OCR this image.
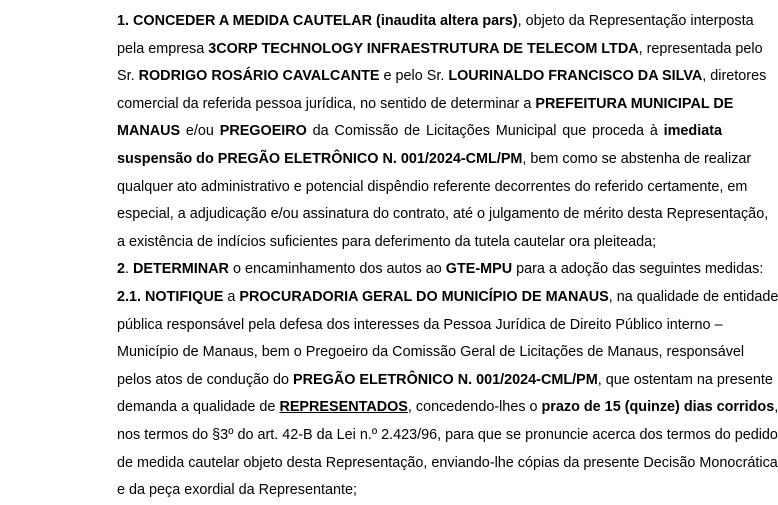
1. CONCEDER A MEDIDA CAUTELAR (inaudita altera pars), objeto da Representação interposta
pela empresa 3CORP TECHNOLOGY INFRAESTRUTURA DE TELECOM LTDA, representada pelo
Sr. RODRIGO ROSÁRIO CAVALCANTE e pelo Sr. LOURINALDO FRANCISCO DA SILVA, diretores
comercial da referida pessoa jurídica, no sentido de determinar a PREFEITURA MUNICIPAL DE
MANAUS e/ou PREGOEIRO da Comissão de Licitações Municipal que proceda à imediata
suspensão do PREGÃO ELETRÔNICO N. 001/2024-CML/PM, bem como se abstenha de realizar
qualquer ato administrativo e potencial dispêndio referente decorrentes do referido certamente, em
especial, a adjudicação e/ou assinatura do contrato, até o julgamento de mérito desta Representação,
a existência de indícios suficientes para deferimento da tutela cautelar ora pleiteada;
2. DETERMINAR o encaminhamento dos autos ao GTE-MPU para a adoção das seguintes medidas:
2.1. NOTIFIQUE a PROCURADORIA GERAL DO MUNICÍPIO DE MANAUS, na qualidade de entidade
pública responsável pela defesa dos interesses da Pessoa Jurídica de Direito Público interno –
Município de Manaus, bem o Pregoeiro da Comissão Geral de Licitações de Manaus, responsável
pelos atos de condução do PREGÃO ELETRÔNICO N. 001/2024-CML/PM, que ostentam na presente
demanda a qualidade de REPRESENTADOS, concedendo-lhes o prazo de 15 (quinze) dias corridos,
nos termos do §3º do art. 42-B da Lei n.º 2.423/96, para que se pronuncie acerca dos termos do pedido
de medida cautelar objeto desta Representação, enviando-lhe cópias da presente Decisão Monocrática
e da peça exordial da Representante;
